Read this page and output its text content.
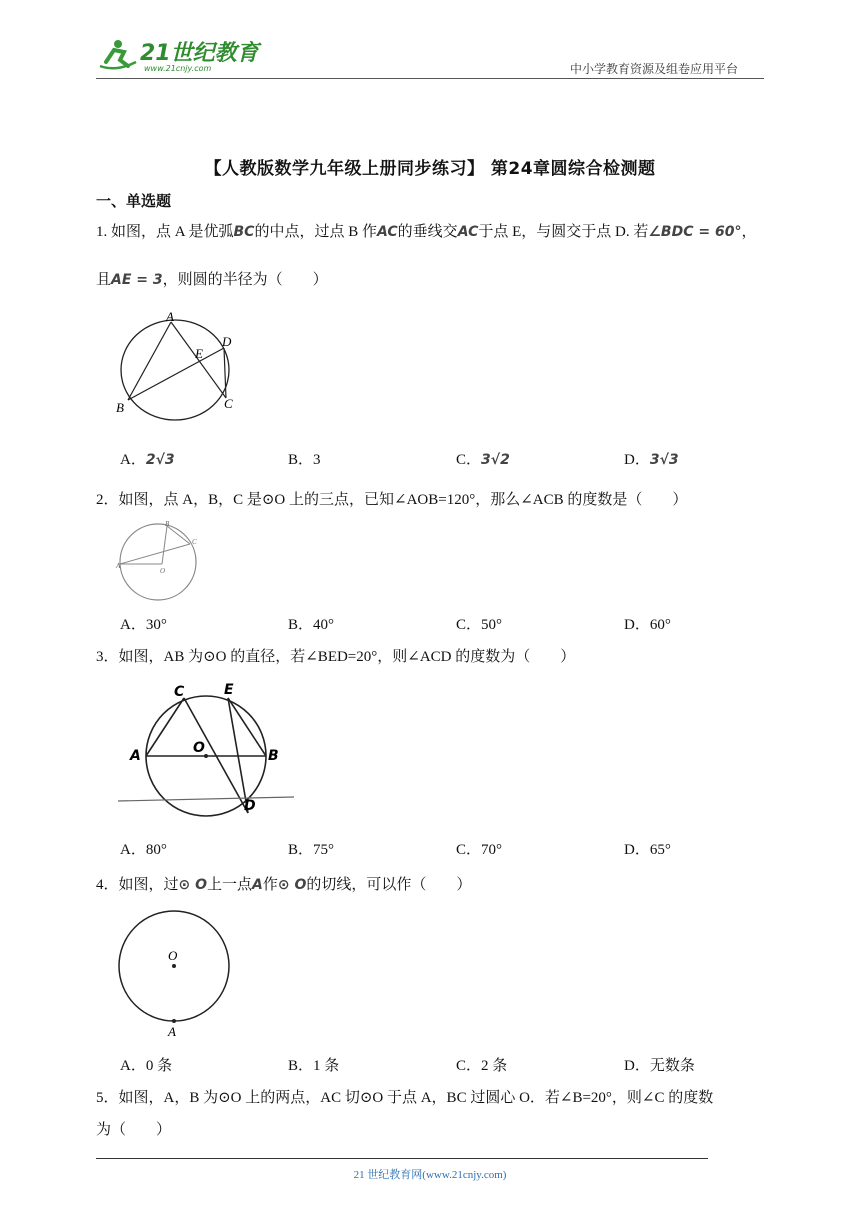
21世纪教育
www.21cnjy.com	中小学教育资源及组卷应用平台
【人教版数学九年级上册同步练习】 第24章圆综合检测题
一、单选题
1. 如图，点 A 是优弧BC的中点，过点 B 作AC的垂线交AC于点 E，与圆交于点 D. 若∠BDC = 60°，
且AE = 3，则圆的半径为（　　）
A
B	C
D
E
A．2√3	B．3	C．3√2	D．3√3
2．如图，点 A，B，C 是⊙O 上的三点，已知∠AOB=120°，那么∠ACB 的度数是（　　）
A
B
C
O
A．30°	B．40°	C．50°	D．60°
3．如图，AB 为⊙O 的直径，若∠BED=20°，则∠ACD 的度数为（　　）
C	E
A	B
O
D
A．80°	B．75°	C．70°	D．65°
4．如图，过⊙ O上一点A作⊙ O的切线，可以作（　　）
O
A
A．0 条	B．1 条	C．2 条	D．无数条
5．如图，A，B 为⊙O 上的两点，AC 切⊙O 于点 A，BC 过圆心 O．若∠B=20°，则∠C 的度数
为（　　）
21 世纪教育网(www.21cnjy.com)
